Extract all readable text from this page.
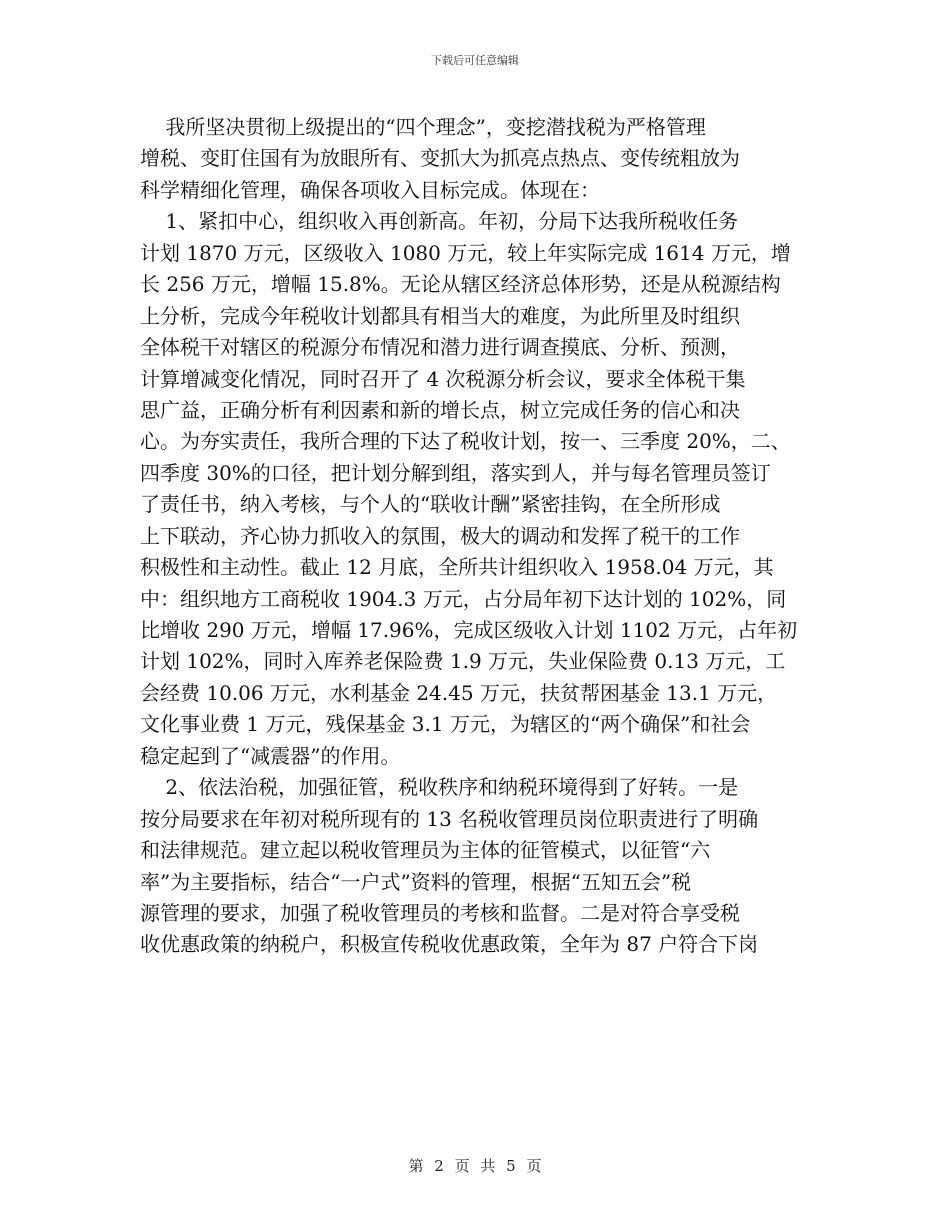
下载后可任意编辑
我所坚决贯彻上级提出的“四个理念”，变挖潜找税为严格管理
增税、变盯住国有为放眼所有、变抓大为抓亮点热点、变传统粗放为
科学精细化管理，确保各项收入目标完成。体现在：
1、紧扣中心，组织收入再创新高。年初，分局下达我所税收任务
计划 1870 万元，区级收入 1080 万元，较上年实际完成 1614 万元，增
长 256 万元，增幅 15.8%。无论从辖区经济总体形势，还是从税源结构
上分析，完成今年税收计划都具有相当大的难度，为此所里及时组织
全体税干对辖区的税源分布情况和潜力进行调查摸底、分析、预测，
计算增减变化情况，同时召开了 4 次税源分析会议，要求全体税干集
思广益，正确分析有利因素和新的增长点，树立完成任务的信心和决
心。为夯实责任，我所合理的下达了税收计划，按一、三季度 20%，二、
四季度 30%的口径，把计划分解到组，落实到人，并与每名管理员签订
了责任书，纳入考核，与个人的“联收计酬”紧密挂钩，在全所形成
上下联动，齐心协力抓收入的氛围，极大的调动和发挥了税干的工作
积极性和主动性。截止 12 月底，全所共计组织收入 1958.04 万元，其
中：组织地方工商税收 1904.3 万元，占分局年初下达计划的 102%，同
比增收 290 万元，增幅 17.96%，完成区级收入计划 1102 万元，占年初
计划 102%，同时入库养老保险费 1.9 万元，失业保险费 0.13 万元，工
会经费 10.06 万元，水利基金 24.45 万元，扶贫帮困基金 13.1 万元，
文化事业费 1 万元，残保基金 3.1 万元，为辖区的“两个确保”和社会
稳定起到了“减震器”的作用。
2、依法治税，加强征管，税收秩序和纳税环境得到了好转。一是
按分局要求在年初对税所现有的 13 名税收管理员岗位职责进行了明确
和法律规范。建立起以税收管理员为主体的征管模式，以征管“六
率”为主要指标，结合“一户式”资料的管理，根据“五知五会”税
源管理的要求，加强了税收管理员的考核和监督。二是对符合享受税
收优惠政策的纳税户，积极宣传税收优惠政策，全年为 87 户符合下岗
第 2 页 共 5 页
